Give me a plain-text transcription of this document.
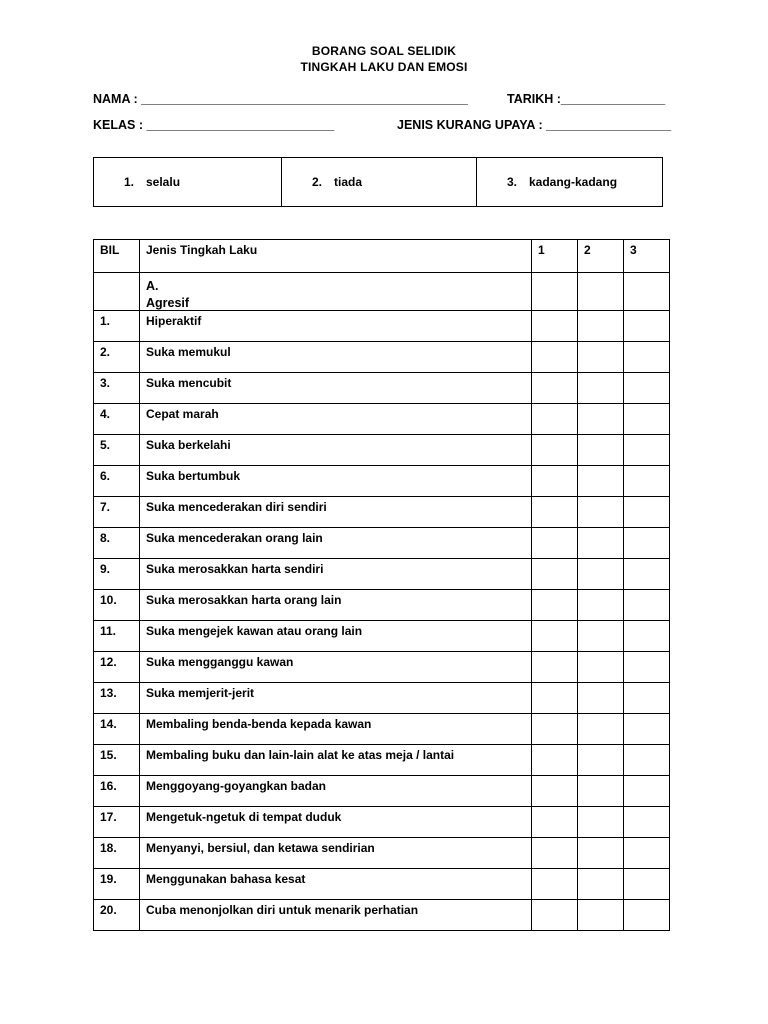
BORANG SOAL SELIDIK
TINGKAH LAKU DAN EMOSI
NAMA : _______________________________________________	TARIKH :_______________
KELAS : ___________________________	JENIS KURANG UPAYA : __________________
1. selalu	2. tiada	3. kadang-kadang
BIL	Jenis Tingkah Laku	1	2	3

	A.
Agresif			

1.	Hiperaktif			

2.	Suka memukul			

3.	Suka mencubit			

4.	Cepat marah			

5.	Suka berkelahi			

6.	Suka bertumbuk			

7.	Suka mencederakan diri sendiri			

8.	Suka mencederakan orang lain			

9.	Suka merosakkan harta sendiri			

10.	Suka merosakkan harta orang lain			

11.	Suka mengejek kawan atau orang lain			

12.	Suka mengganggu kawan			

13.	Suka memjerit-jerit			

14.	Membaling benda-benda kepada kawan			

15.	Membaling buku dan lain-lain alat ke atas meja / lantai			

16.	Menggoyang-goyangkan badan			

17.	Mengetuk-ngetuk di tempat duduk			

18.	Menyanyi, bersiul, dan ketawa sendirian			

19.	Menggunakan bahasa kesat			

20.	Cuba menonjolkan diri untuk menarik perhatian			
